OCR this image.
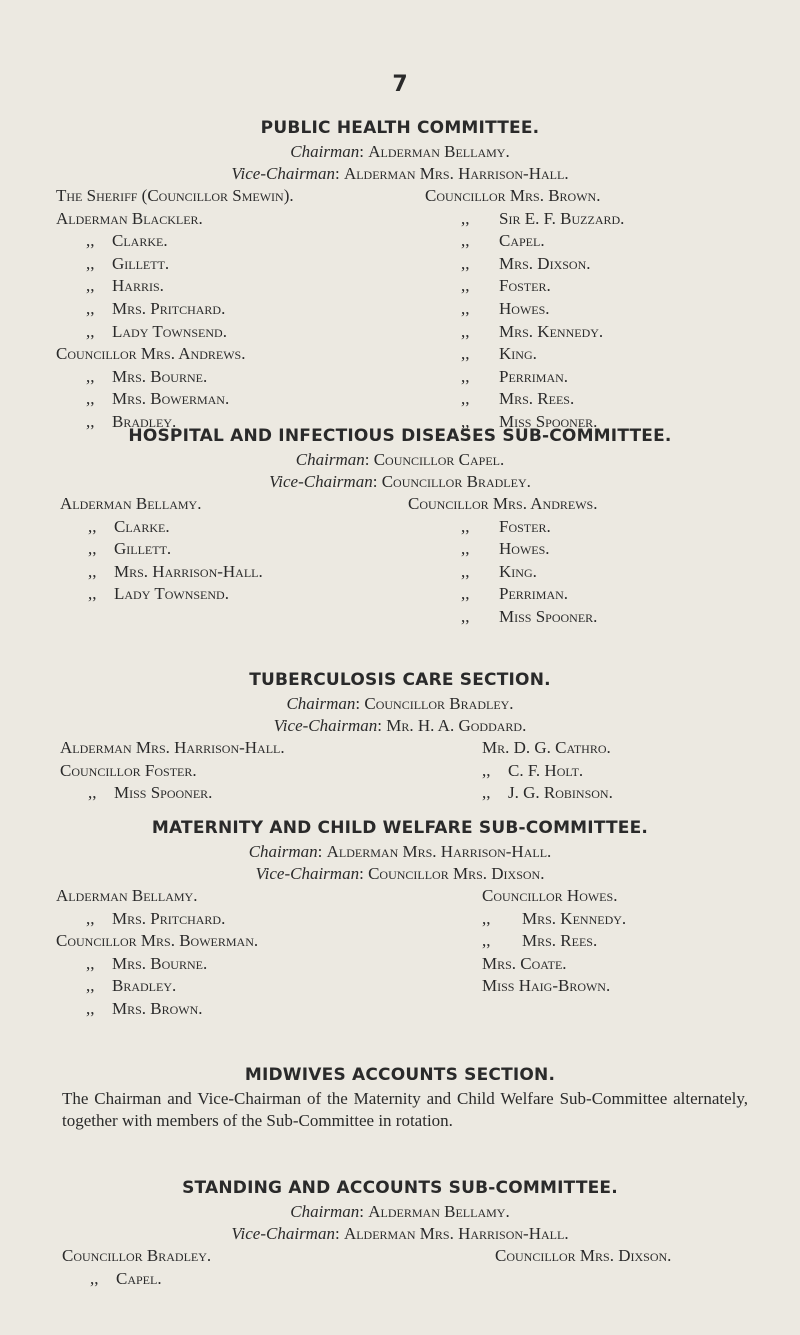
7
PUBLIC HEALTH COMMITTEE.
Chairman: Alderman Bellamy.
Vice-Chairman: Alderman Mrs. Harrison-Hall.
The Sheriff (Councillor Smewin).
Alderman Blackler.
,, Clarke.
,, Gillett.
,, Harris.
,, Mrs. Pritchard.
,, Lady Townsend.
Councillor Mrs. Andrews.
,, Mrs. Bourne.
,, Mrs. Bowerman.
,, Bradley.
Councillor Mrs. Brown.
,, Sir E. F. Buzzard.
,, Capel.
,, Mrs. Dixson.
,, Foster.
,, Howes.
,, Mrs. Kennedy.
,, King.
,, Perriman.
,, Mrs. Rees.
,, Miss Spooner.
HOSPITAL AND INFECTIOUS DISEASES SUB-COMMITTEE.
Chairman: Councillor Capel.
Vice-Chairman: Councillor Bradley.
Alderman Bellamy.
,, Clarke.
,, Gillett.
,, Mrs. Harrison-Hall.
,, Lady Townsend.
Councillor Mrs. Andrews.
,, Foster.
,, Howes.
,, King.
,, Perriman.
,, Miss Spooner.
TUBERCULOSIS CARE SECTION.
Chairman: Councillor Bradley.
Vice-Chairman: Mr. H. A. Goddard.
Alderman Mrs. Harrison-Hall.
Councillor Foster.
,, Miss Spooner.
Mr. D. G. Cathro.
,, C. F. Holt.
,, J. G. Robinson.
MATERNITY AND CHILD WELFARE SUB-COMMITTEE.
Chairman: Alderman Mrs. Harrison-Hall.
Vice-Chairman: Councillor Mrs. Dixson.
Alderman Bellamy.
,, Mrs. Pritchard.
Councillor Mrs. Bowerman.
,, Mrs. Bourne.
,, Bradley.
,, Mrs. Brown.
Councillor Howes.
,, Mrs. Kennedy.
,, Mrs. Rees.
Mrs. Coate.
Miss Haig-Brown.
MIDWIVES ACCOUNTS SECTION.
The Chairman and Vice-Chairman of the Maternity and Child Welfare Sub-Committee alternately, together with members of the Sub-Committee in rotation.
STANDING AND ACCOUNTS SUB-COMMITTEE.
Chairman: Alderman Bellamy.
Vice-Chairman: Alderman Mrs. Harrison-Hall.
Councillor Bradley.
,, Capel.
Councillor Mrs. Dixson.
